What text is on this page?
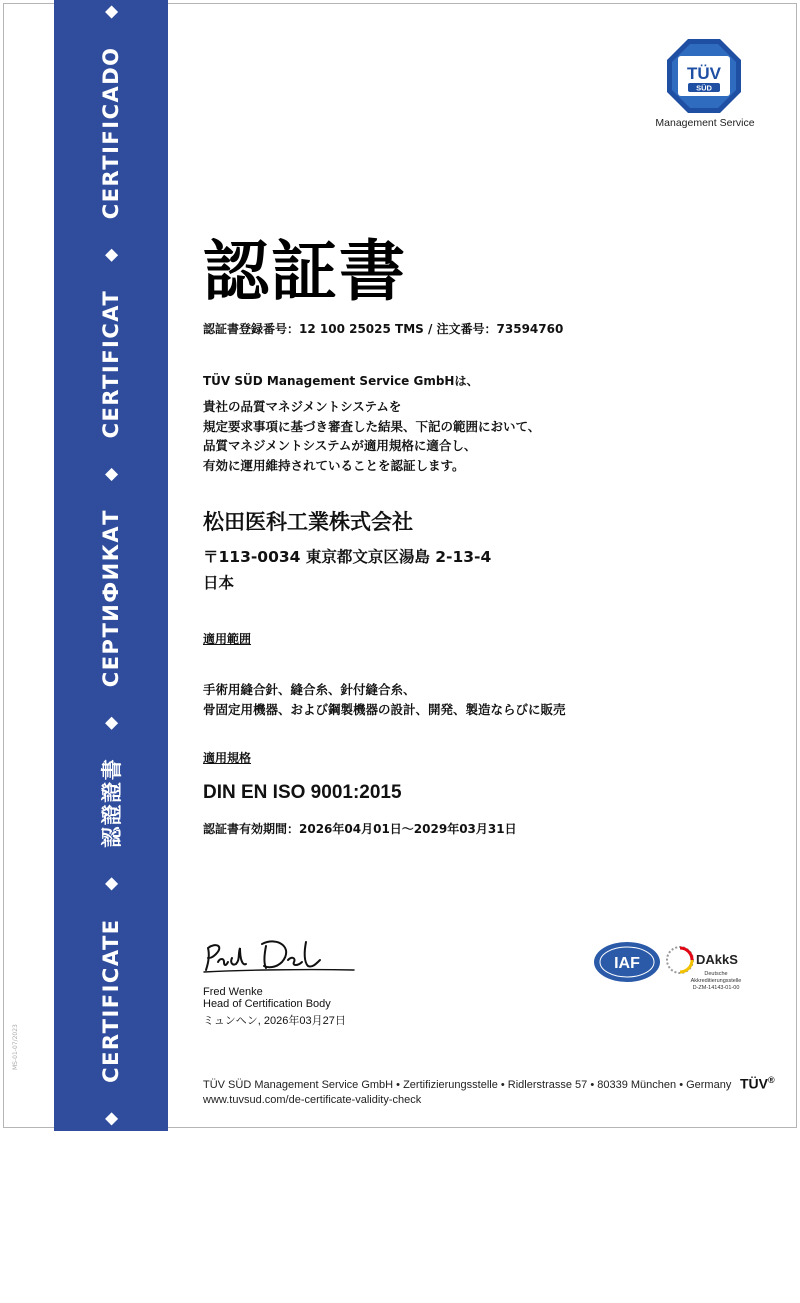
ZERTIFIKAT◆CERTIFICATE◆認證證書◆СЕРТИФИКАТ◆CERTIFICAT◆CERTIFICADO◆
MS-01-07/2023
TÜV
SÜD
Management Service
認証書
認証書登録番号：12 100 25025 TMS / 注文番号：73594760
TÜV SÜD Management Service GmbHは、
貴社の品質マネジメントシステムを
規定要求事項に基づき審査した結果、下記の範囲において、
品質マネジメントシステムが適用規格に適合し、
有効に運用維持されていることを認証します。
松田医科工業株式会社
〒113-0034 東京都文京区湯島 2-13-4
日本
適用範囲
手術用縫合針、縫合糸、針付縫合糸、
骨固定用機器、および鋼製機器の設計、開発、製造ならびに販売
適用規格
DIN EN ISO 9001:2015
認証書有効期間：2026年04月01日～2029年03月31日
Fred Wenke
Head of Certification Body
ミュンヘン, 2026年03月27日
IAF	DAkkS
Deutsche
Akkreditierungsstelle
D-ZM-14143-01-00
TÜV SÜD Management Service GmbH • Zertifizierungsstelle • Ridlerstrasse 57 • 80339 München • Germany
www.tuvsud.com/de-certificate-validity-check
TÜV®
